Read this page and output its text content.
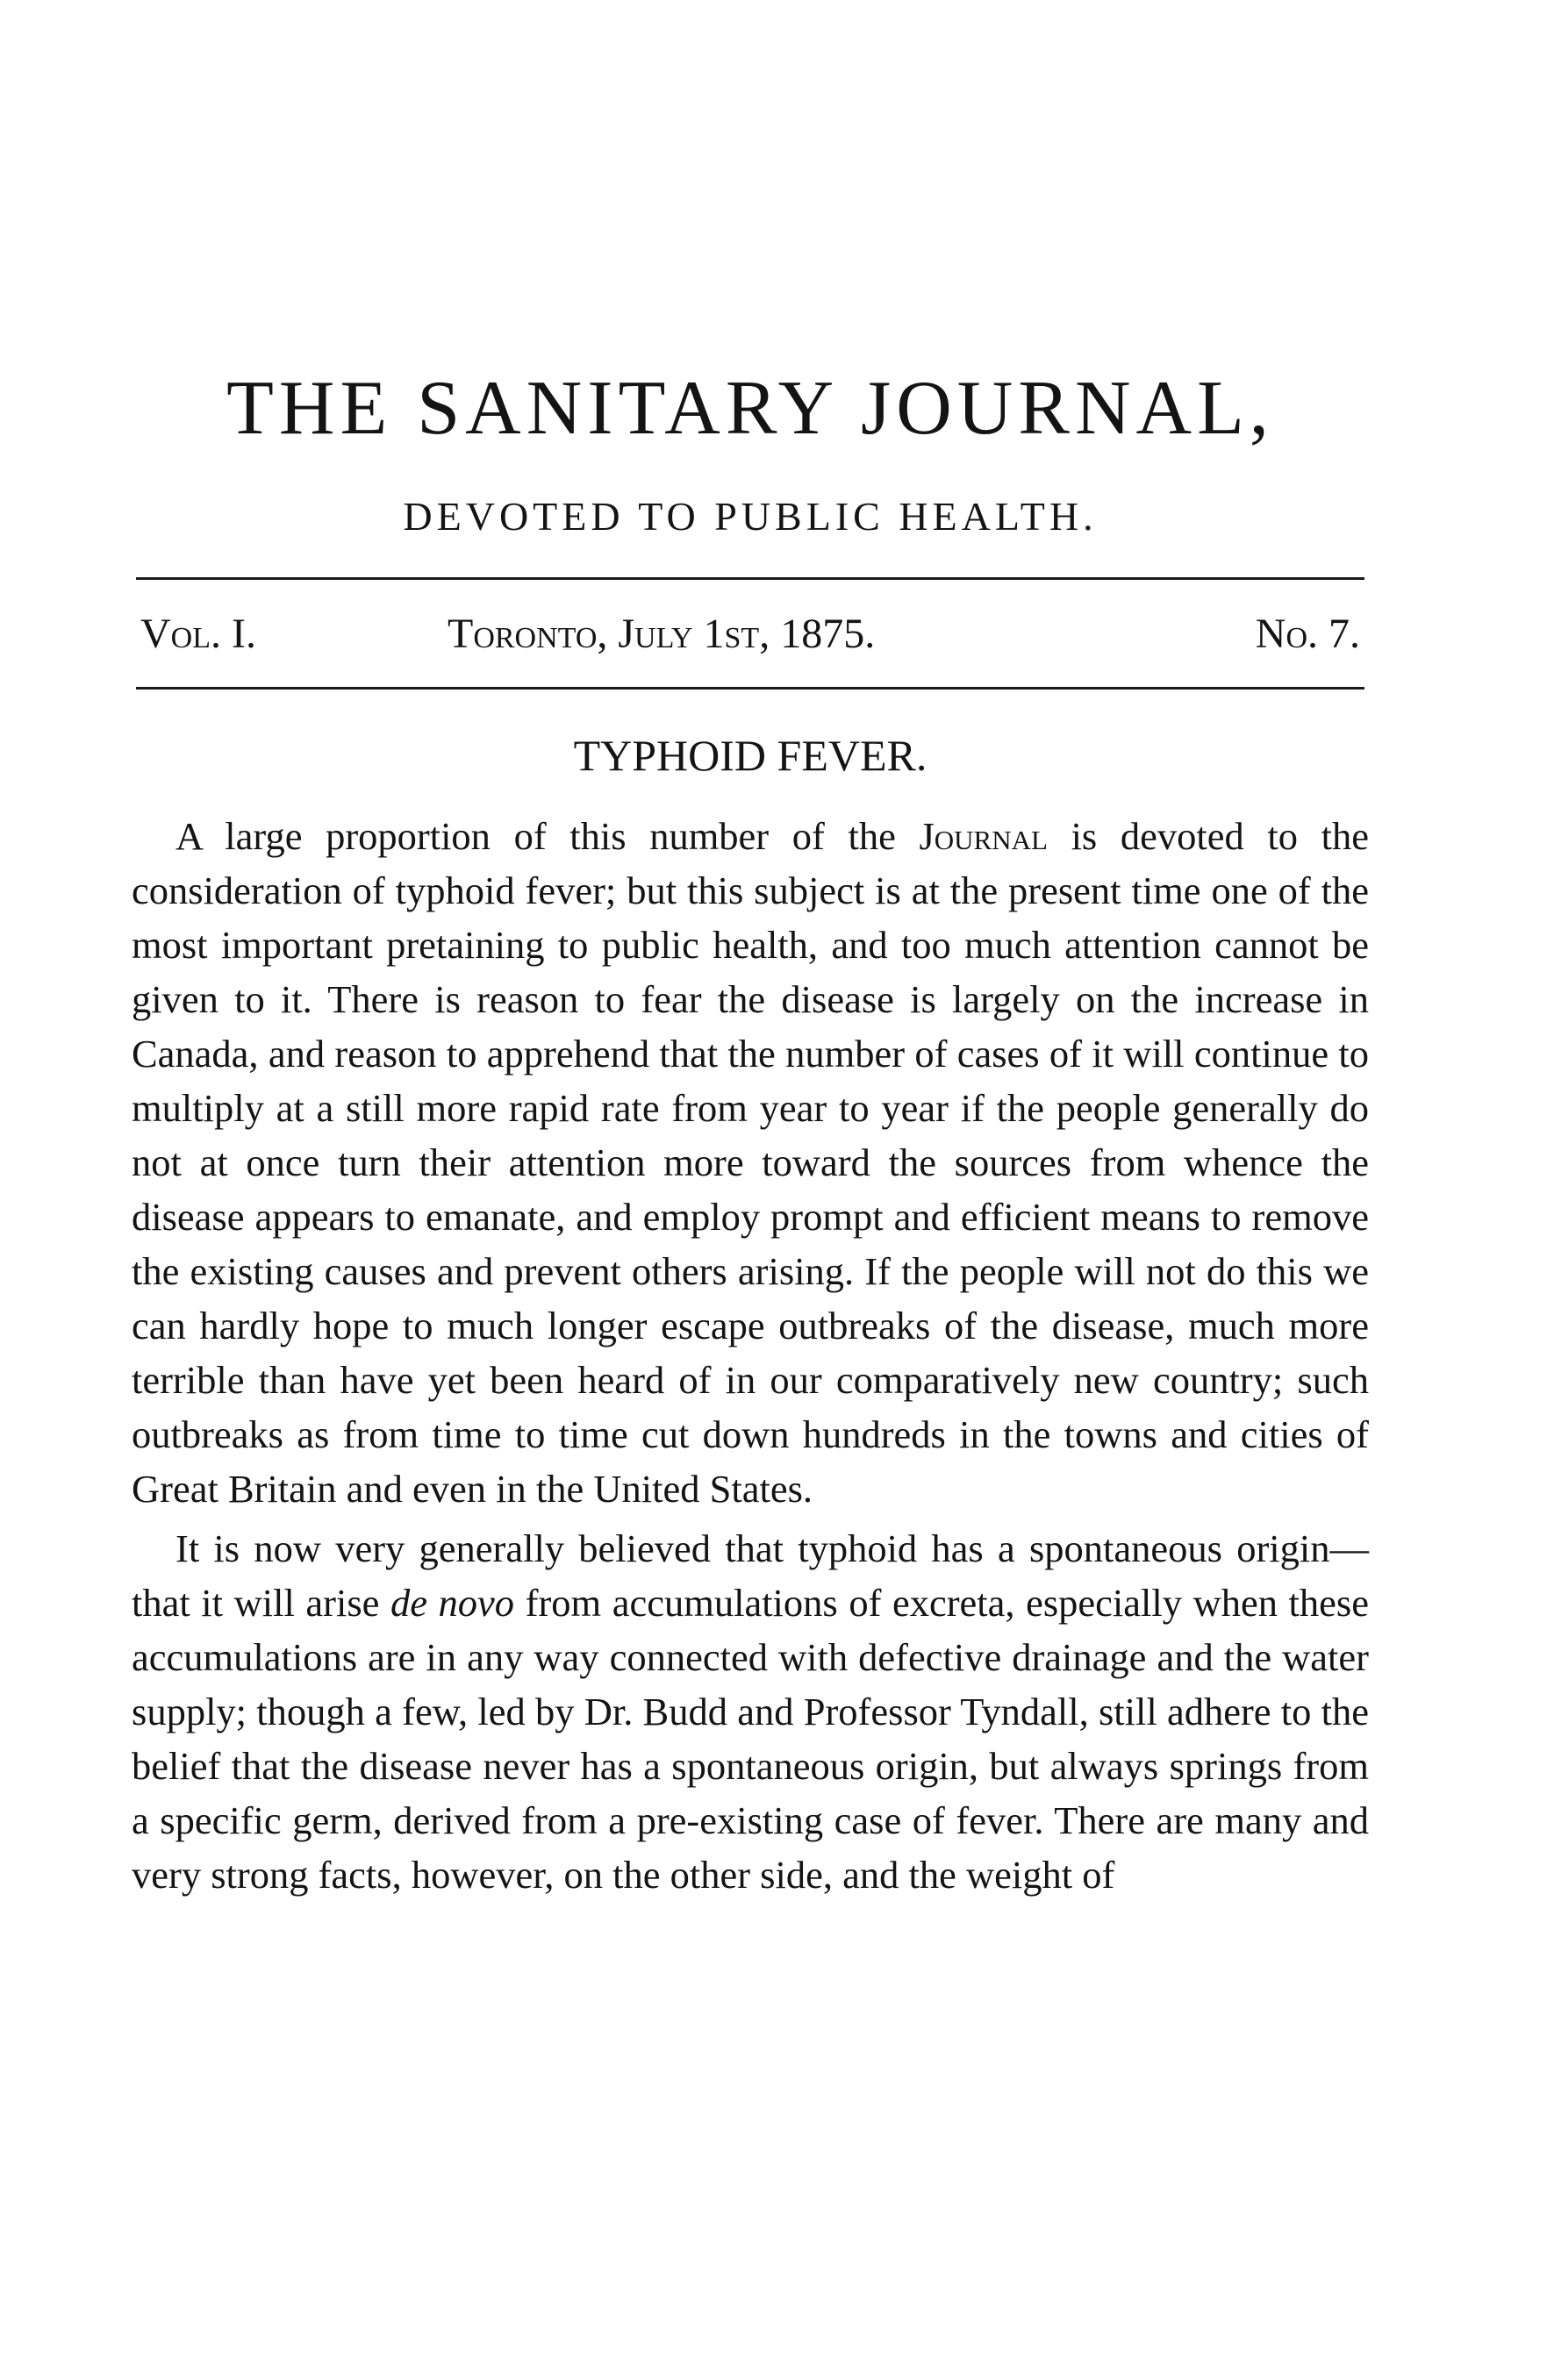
THE SANITARY JOURNAL,
DEVOTED TO PUBLIC HEALTH.
Vol. I.	Toronto, July 1st, 1875.	No. 7.
TYPHOID FEVER.

A large proportion of this number of the Journal is devoted to the consideration of typhoid fever; but this subject is at the present time one of the most important pretaining to public health, and too much attention cannot be given to it. There is reason to fear the disease is largely on the increase in Canada, and reason to apprehend that the number of cases of it will continue to multiply at a still more rapid rate from year to year if the people generally do not at once turn their attention more toward the sources from whence the disease appears to emanate, and employ prompt and efficient means to remove the existing causes and prevent others arising. If the people will not do this we can hardly hope to much longer escape outbreaks of the disease, much more terrible than have yet been heard of in our comparatively new country; such outbreaks as from time to time cut down hundreds in the towns and cities of Great Britain and even in the United States.

It is now very generally believed that typhoid has a spontaneous origin—that it will arise de novo from accumulations of excreta, especially when these accumulations are in any way connected with defective drainage and the water supply; though a few, led by Dr. Budd and Professor Tyndall, still adhere to the belief that the disease never has a spontaneous origin, but always springs from a specific germ, derived from a pre-existing case of fever. There are many and very strong facts, however, on the other side, and the weight of
